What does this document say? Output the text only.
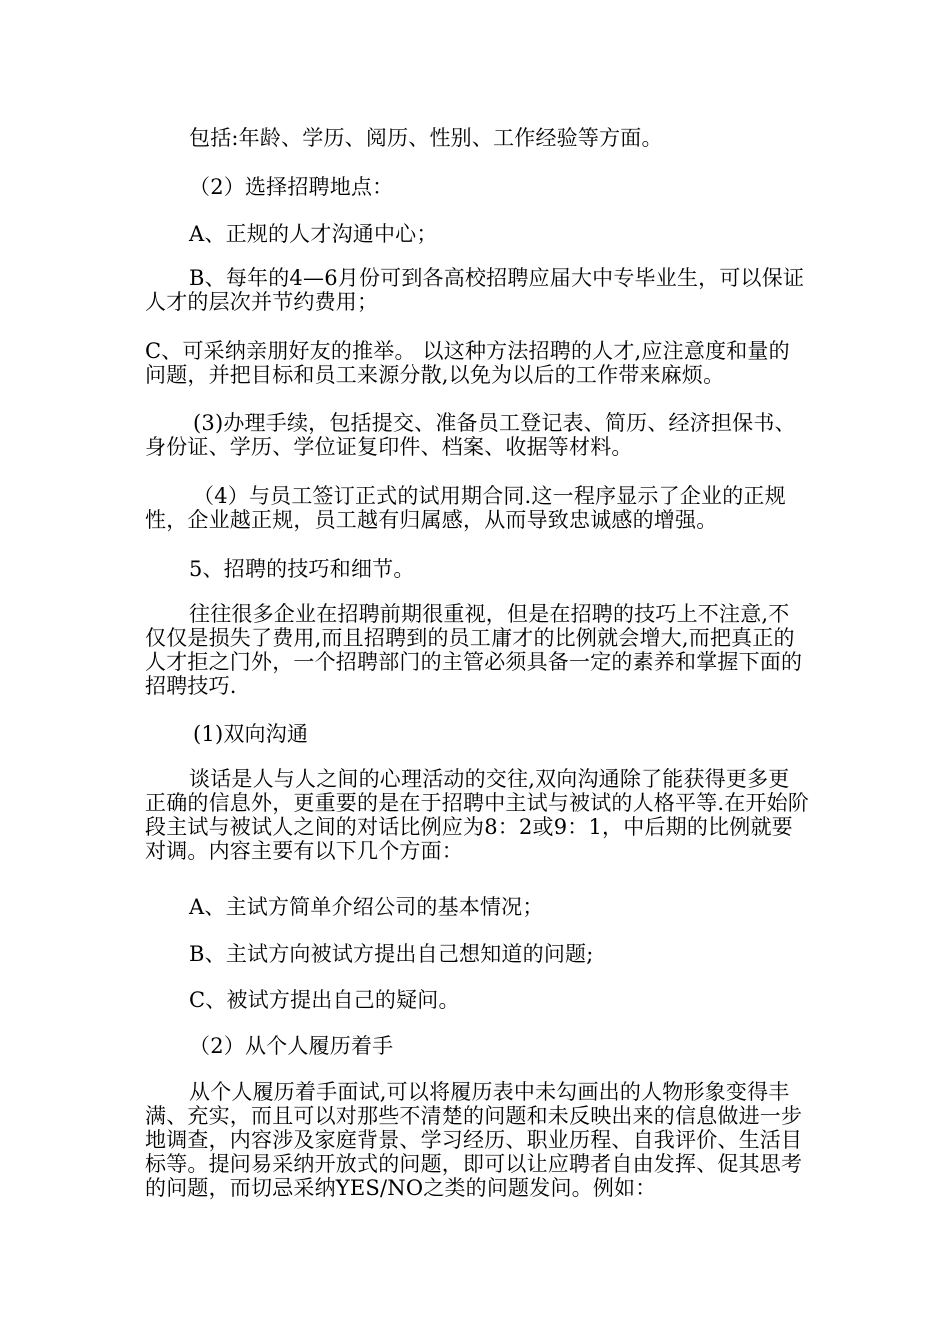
包括:年龄、学历、阅历、性别、工作经验等方面。

（2）选择招聘地点：

A、正规的人才沟通中心；

B、每年的4—6月份可到各高校招聘应届大中专毕业生，可以保证人才的层次并节约费用；

C、可采纳亲朋好友的推举。 以这种方法招聘的人才,应注意度和量的问题，并把目标和员工来源分散,以免为以后的工作带来麻烦。

(3)办理手续，包括提交、准备员工登记表、简历、经济担保书、身份证、学历、学位证复印件、档案、收据等材料。

（4）与员工签订正式的试用期合同.这一程序显示了企业的正规性，企业越正规，员工越有归属感，从而导致忠诚感的增强。

5、招聘的技巧和细节。

往往很多企业在招聘前期很重视，但是在招聘的技巧上不注意,不仅仅是损失了费用,而且招聘到的员工庸才的比例就会增大,而把真正的人才拒之门外，一个招聘部门的主管必须具备一定的素养和掌握下面的招聘技巧.

(1)双向沟通

谈话是人与人之间的心理活动的交往,双向沟通除了能获得更多更正确的信息外，更重要的是在于招聘中主试与被试的人格平等.在开始阶段主试与被试人之间的对话比例应为8：2或9：1，中后期的比例就要对调。内容主要有以下几个方面：

A、主试方简单介绍公司的基本情况；

B、主试方向被试方提出自己想知道的问题;

C、被试方提出自己的疑问。

（2）从个人履历着手

从个人履历着手面试,可以将履历表中未勾画出的人物形象变得丰满、充实，而且可以对那些不清楚的问题和未反映出来的信息做进一步地调查，内容涉及家庭背景、学习经历、职业历程、自我评价、生活目标等。提问易采纳开放式的问题，即可以让应聘者自由发挥、促其思考的问题，而切忌采纳YES/NO之类的问题发问。例如：
